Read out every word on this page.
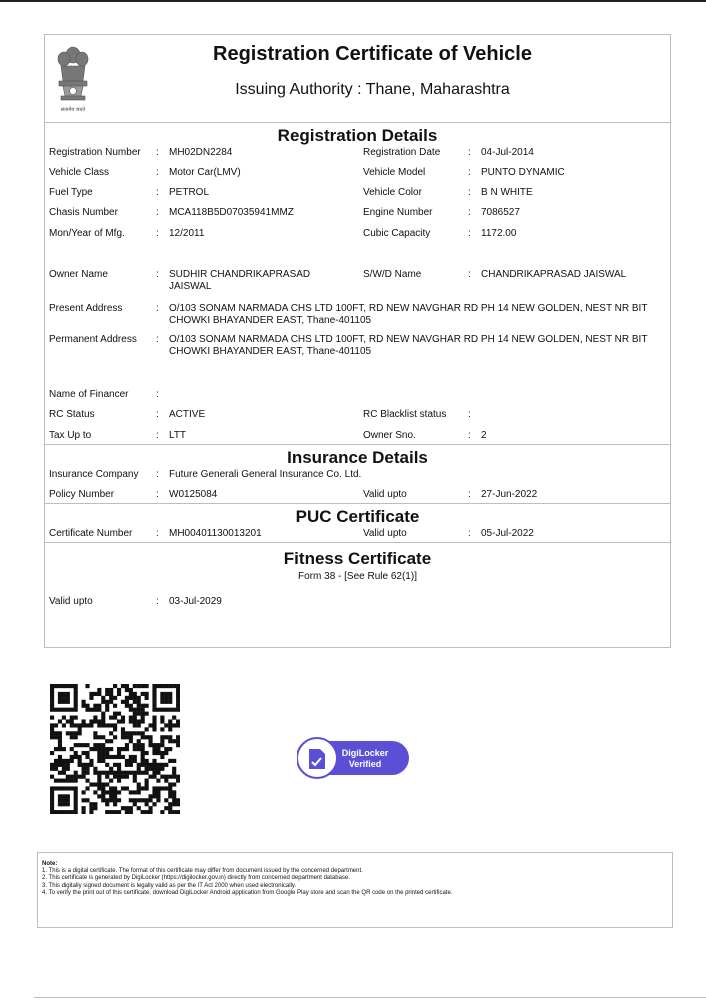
सत्यमेव जयते
Registration Certificate of Vehicle
Issuing Authority : Thane, Maharashtra
Registration Details
Registration Number : MH02DN2284	Registration Date	: 04-Jul-2014
Vehicle Class	: Motor Car(LMV)	Vehicle Model	: PUNTO DYNAMIC
Fuel Type	: PETROL	Vehicle Color	: B N WHITE
Chasis Number	: MCA118B5D07035941MMZ	Engine Number	: 7086527
Mon/Year of Mfg.	: 12/2011	Cubic Capacity	: 1172.00
Owner Name	: SUDHIR CHANDRIKAPRASAD JAISWAL
S/W/D Name	: CHANDRIKAPRASAD JAISWAL
Present Address	: O/103 SONAM NARMADA CHS LTD 100FT, RD NEW NAVGHAR RD PH 14 NEW GOLDEN, NEST NR BIT CHOWKI BHAYANDER EAST, Thane-401105
Permanent Address : O/103 SONAM NARMADA CHS LTD 100FT, RD NEW NAVGHAR RD PH 14 NEW GOLDEN, NEST NR BIT CHOWKI BHAYANDER EAST, Thane-401105
Name of Financer	:
RC Status	: ACTIVE	RC Blacklist status :
Tax Up to	: LTT	Owner Sno.	: 2
Insurance Details
Insurance Company : Future Generali General Insurance Co. Ltd.
Policy Number	: W0125084	Valid upto	: 27-Jun-2022
PUC Certificate
Certificate Number : MH00401130013201	Valid upto	: 05-Jul-2022
Fitness Certificate
Form 38 - [See Rule 62(1)]
Valid upto	: 03-Jul-2029
DigiLocker
Verified
Note:
1. This is a digital certificate. The format of this certificate may differ from document issued by the concerned department.
2. This certificate is generated by DigiLocker (https://digilocker.gov.in) directly from concerned department database.
3. This digitally signed document is legally valid as per the IT Act 2000 when used electronically.
4. To verify the print out of this certificate, download DigiLocker Android application from Google Play store and scan the QR code on the printed certificate.
